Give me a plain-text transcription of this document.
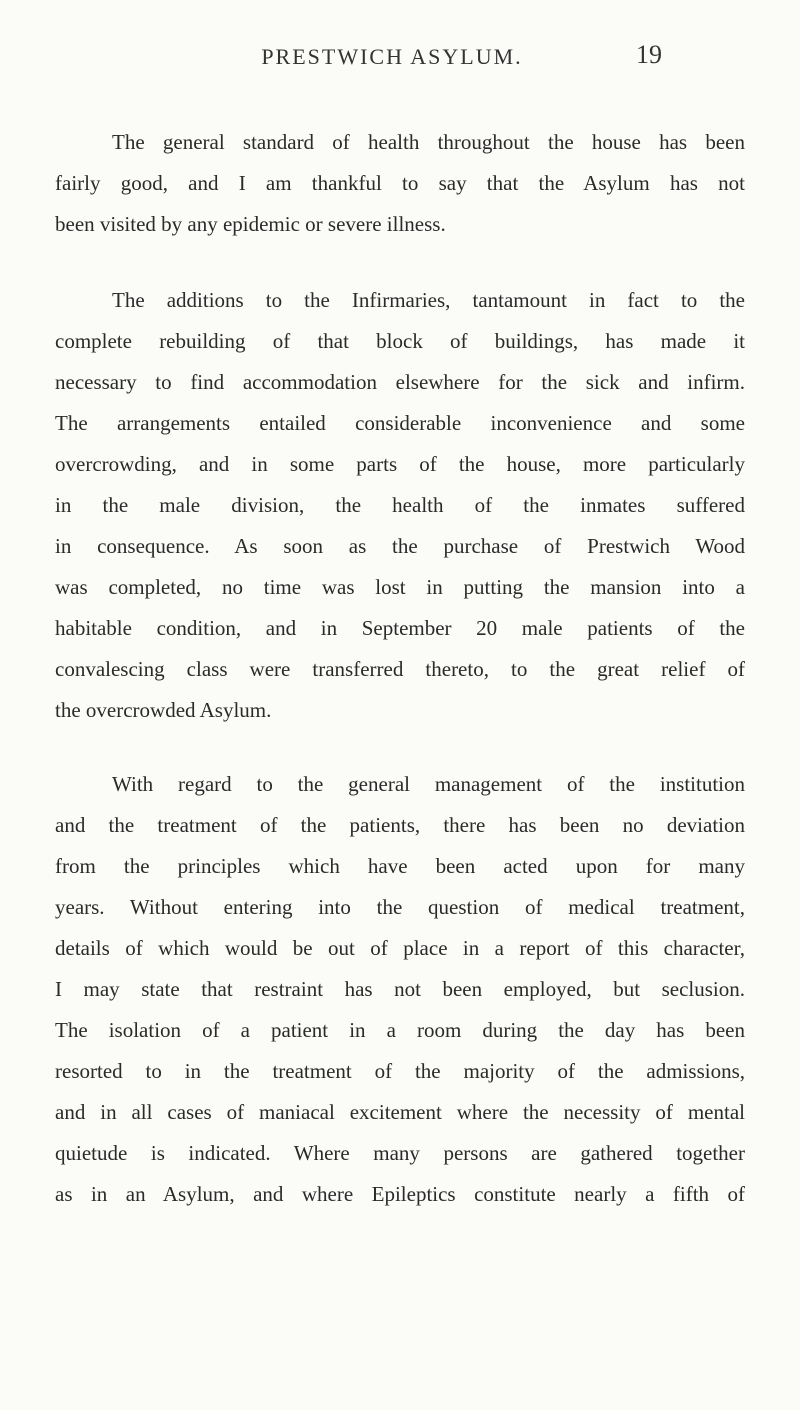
PRESTWICH ASYLUM.	19
The general standard of health throughout the house has been
fairly good, and I am thankful to say that the Asylum has not
been visited by any epidemic or severe illness.
The additions to the Infirmaries, tantamount in fact to the
complete rebuilding of that block of buildings, has made it
necessary to find accommodation elsewhere for the sick and infirm.
The arrangements entailed considerable inconvenience and some
overcrowding, and in some parts of the house, more particularly
in the male division, the health of the inmates suffered
in consequence. As soon as the purchase of Prestwich Wood
was completed, no time was lost in putting the mansion into a
habitable condition, and in September 20 male patients of the
convalescing class were transferred thereto, to the great relief of
the overcrowded Asylum.
With regard to the general management of the institution
and the treatment of the patients, there has been no deviation
from the principles which have been acted upon for many
years. Without entering into the question of medical treatment,
details of which would be out of place in a report of this character,
I may state that restraint has not been employed, but seclusion.
The isolation of a patient in a room during the day has been
resorted to in the treatment of the majority of the admissions,
and in all cases of maniacal excitement where the necessity of mental
quietude is indicated. Where many persons are gathered together
as in an Asylum, and where Epileptics constitute nearly a fifth of
